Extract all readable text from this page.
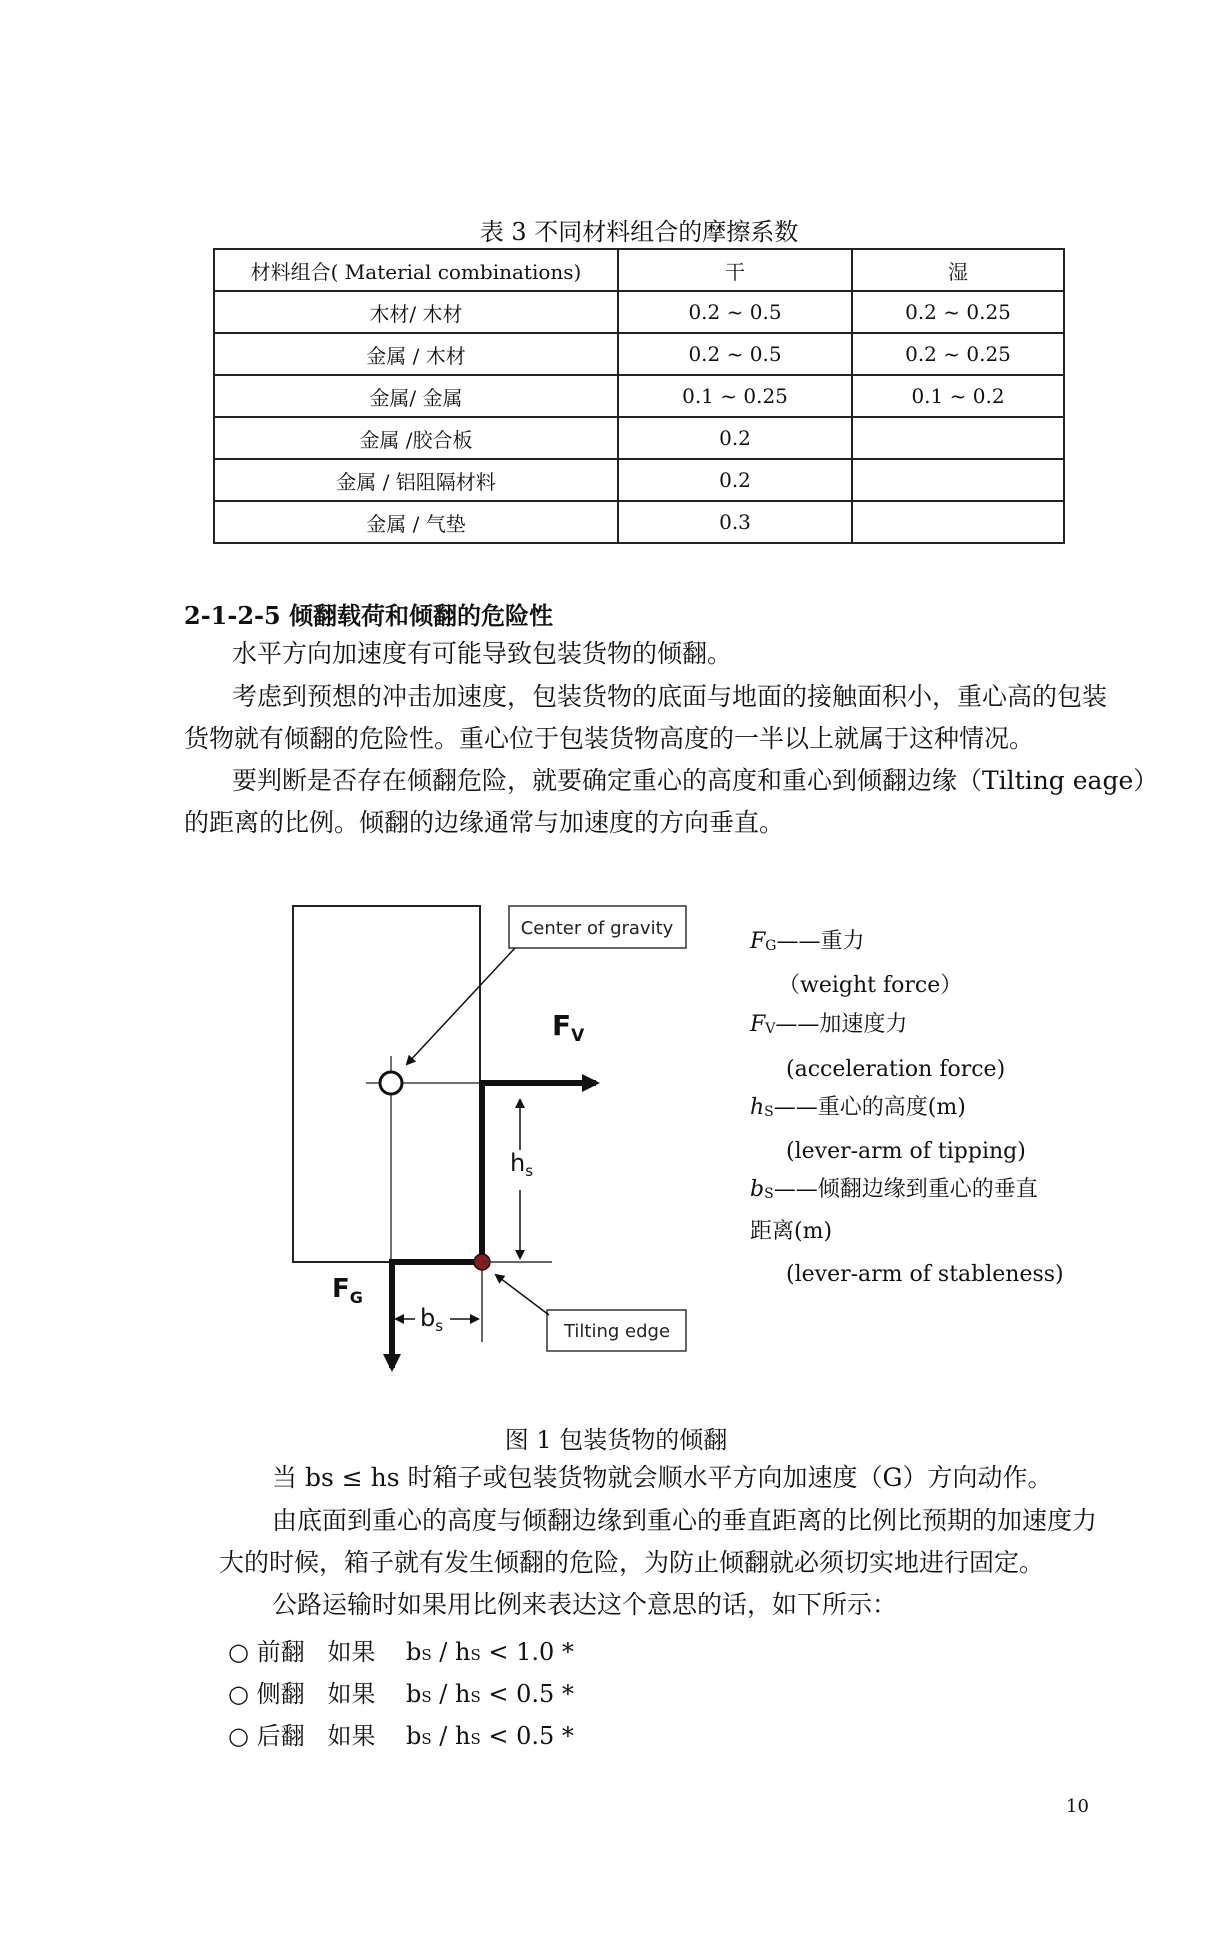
表 3 不同材料组合的摩擦系数
材料组合( Material combinations)	干	湿
木材/ 木材	0.2 ~ 0.5	0.2 ~ 0.25
金属 / 木材	0.2 ~ 0.5	0.2 ~ 0.25
金属/ 金属	0.1 ~ 0.25	0.1 ~ 0.2
金属 /胶合板	0.2	
金属 / 铝阻隔材料	0.2	
金属 / 气垫	0.3	
2-1-2-5 倾翻载荷和倾翻的危险性
水平方向加速度有可能导致包装货物的倾翻。
考虑到预想的冲击加速度，包装货物的底面与地面的接触面积小，重心高的包装
货物就有倾翻的危险性。重心位于包装货物高度的一半以上就属于这种情况。
要判断是否存在倾翻危险，就要确定重心的高度和重心到倾翻边缘（Tilting eage）
的距离的比例。倾翻的边缘通常与加速度的方向垂直。
Center of gravity
$h_s$
$b_s$
$F_V$
$F_G$
Tilting edge
FG——重力
（weight force）
FV——加速度力
(acceleration force)
hS——重心的高度(m)
(lever-arm of tipping)
bS——倾翻边缘到重心的垂直
距离(m)
(lever-arm of stableness)
图 1 包装货物的倾翻
当 bs ≤ hs 时箱子或包装货物就会顺水平方向加速度（G）方向动作。
由底面到重心的高度与倾翻边缘到重心的垂直距离的比例比预期的加速度力
大的时候，箱子就有发生倾翻的危险，为防止倾翻就必须切实地进行固定。
公路运输时如果用比例来表达这个意思的话，如下所示：
○ 前翻 如果 bS / hS < 1.0 *
○ 侧翻 如果 bS / hS < 0.5 *
○ 后翻 如果 bS / hS < 0.5 *
10
